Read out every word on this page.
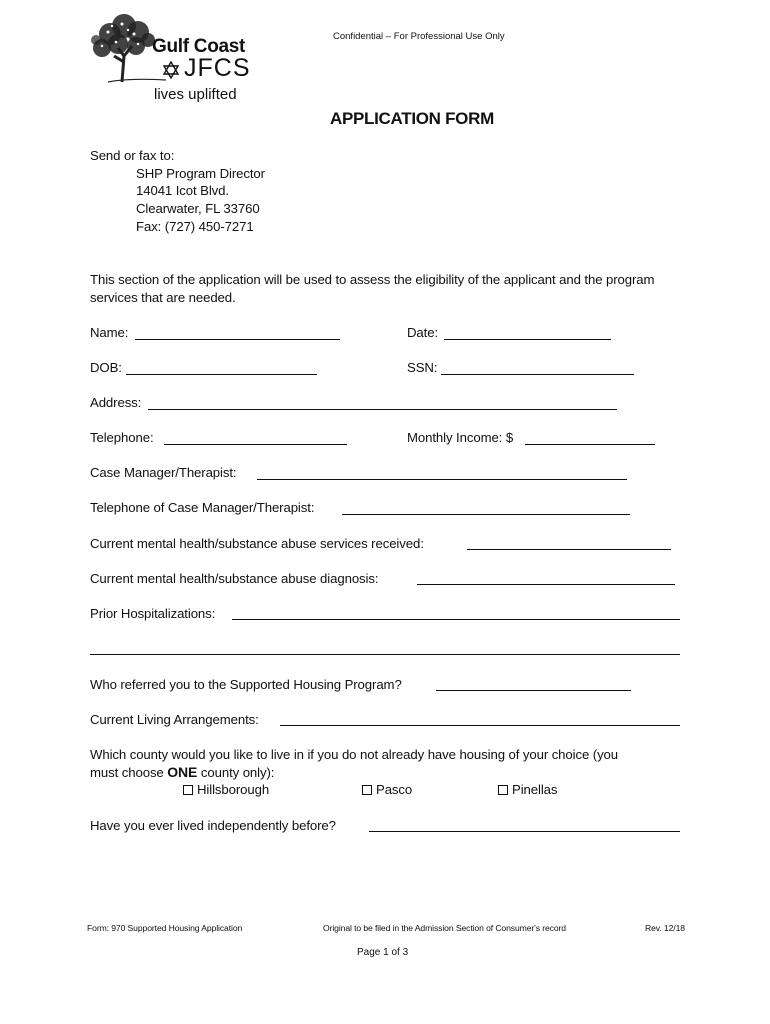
Gulf Coast
JFCS
lives uplifted
Confidential – For Professional Use Only
APPLICATION FORM
Send or fax to:
SHP Program Director
14041 Icot Blvd.
Clearwater, FL 33760
Fax: (727) 450-7271
This section of the application will be used to assess the eligibility of the applicant and the program services that are needed.
Name:	Date:
DOB:	SSN:
Address:
Telephone:	Monthly Income: $
Case Manager/Therapist:
Telephone of Case Manager/Therapist:
Current mental health/substance abuse services received:
Current mental health/substance abuse diagnosis:
Prior Hospitalizations:
Who referred you to the Supported Housing Program?
Current Living Arrangements:
Which county would you like to live in if you do not already have housing of your choice (you
must choose ONE county only):
Hillsborough	Pasco	Pinellas
Have you ever lived independently before?
Form: 970 Supported Housing Application	Original to be filed in the Admission Section of Consumer's record	Rev. 12/18
Page 1 of 3
